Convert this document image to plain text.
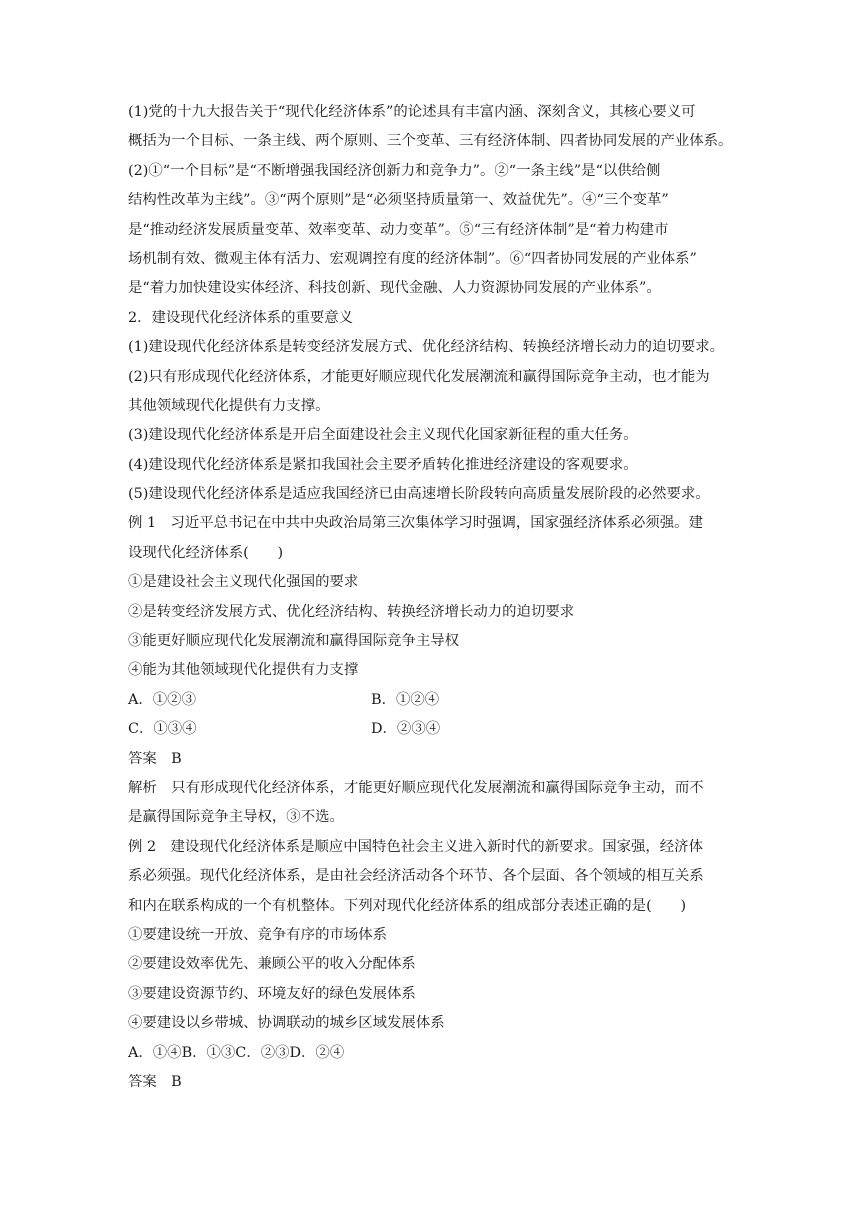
(1)党的十九大报告关于“现代化经济体系”的论述具有丰富内涵、深刻含义，其核心要义可
概括为一个目标、一条主线、两个原则、三个变革、三有经济体制、四者协同发展的产业体系。
(2)①“一个目标”是“不断增强我国经济创新力和竞争力”。②“一条主线”是“以供给侧
结构性改革为主线”。③“两个原则”是“必须坚持质量第一、效益优先”。④“三个变革”
是“推动经济发展质量变革、效率变革、动力变革”。⑤“三有经济体制”是“着力构建市
场机制有效、微观主体有活力、宏观调控有度的经济体制”。⑥“四者协同发展的产业体系”
是“着力加快建设实体经济、科技创新、现代金融、人力资源协同发展的产业体系”。
2．建设现代化经济体系的重要意义
(1)建设现代化经济体系是转变经济发展方式、优化经济结构、转换经济增长动力的迫切要求。
(2)只有形成现代化经济体系，才能更好顺应现代化发展潮流和赢得国际竞争主动，也才能为
其他领域现代化提供有力支撑。
(3)建设现代化经济体系是开启全面建设社会主义现代化国家新征程的重大任务。
(4)建设现代化经济体系是紧扣我国社会主要矛盾转化推进经济建设的客观要求。
(5)建设现代化经济体系是适应我国经济已由高速增长阶段转向高质量发展阶段的必然要求。
例 1　习近平总书记在中共中央政治局第三次集体学习时强调，国家强经济体系必须强。建
设现代化经济体系(　　)
①是建设社会主义现代化强国的要求
②是转变经济发展方式、优化经济结构、转换经济增长动力的迫切要求
③能更好顺应现代化发展潮流和赢得国际竞争主导权
④能为其他领域现代化提供有力支撑
A．①②③	B．①②④
C．①③④	D．②③④
答案　B
解析　只有形成现代化经济体系，才能更好顺应现代化发展潮流和赢得国际竞争主动，而不
是赢得国际竞争主导权，③不选。
例 2　建设现代化经济体系是顺应中国特色社会主义进入新时代的新要求。国家强，经济体
系必须强。现代化经济体系，是由社会经济活动各个环节、各个层面、各个领域的相互关系
和内在联系构成的一个有机整体。下列对现代化经济体系的组成部分表述正确的是(　　)
①要建设统一开放、竞争有序的市场体系
②要建设效率优先、兼顾公平的收入分配体系
③要建设资源节约、环境友好的绿色发展体系
④要建设以乡带城、协调联动的城乡区域发展体系
A．①④B．①③C．②③D．②④
答案　B
